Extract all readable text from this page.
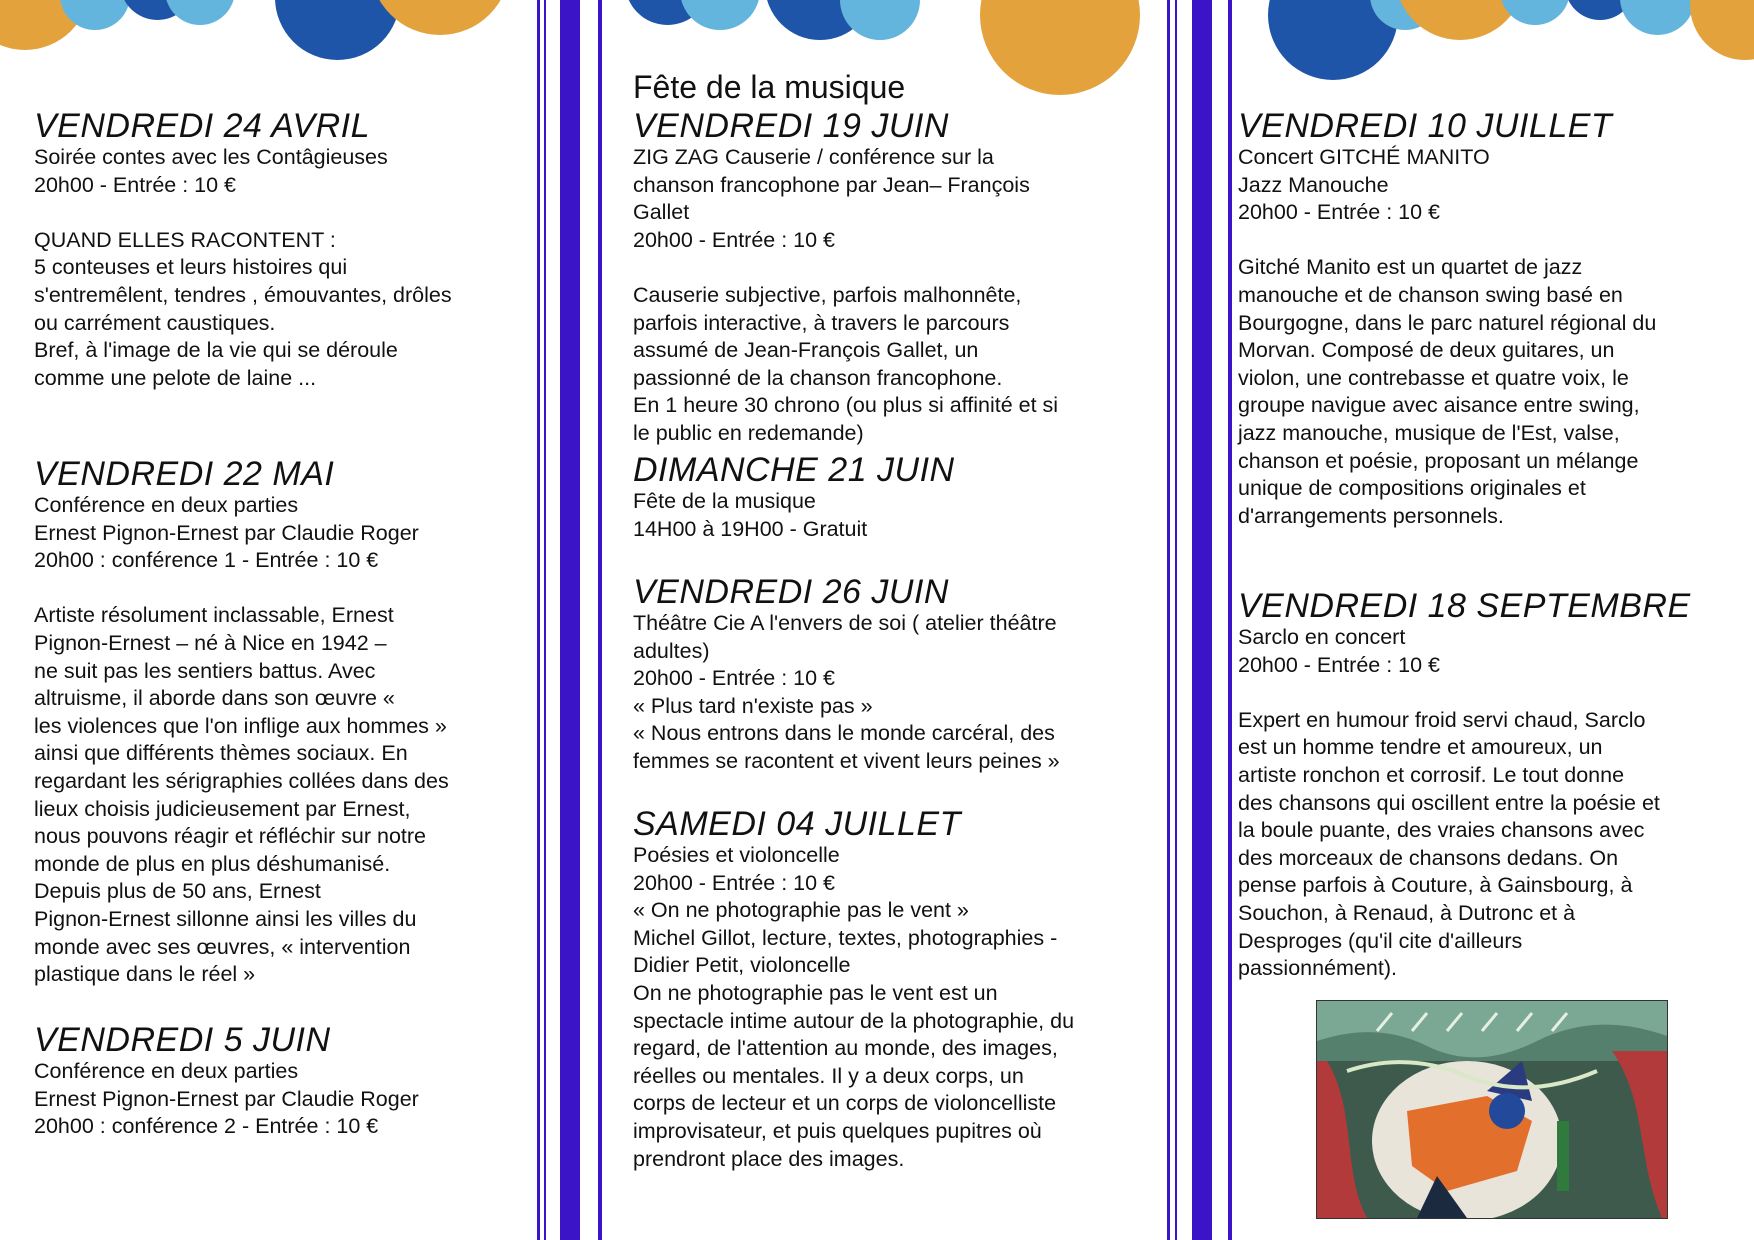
VENDREDI 24 AVRIL

Soirée contes avec les Contâgieuses
20h00 - Entrée : 10 €

QUAND ELLES RACONTENT :
5 conteuses et leurs histoires qui
s'entremêlent, tendres , émouvantes, drôles
ou carrément caustiques.
Bref, à l'image de la vie qui se déroule
comme une pelote de laine ...

VENDREDI 22 MAI

Conférence en deux parties
Ernest Pignon-Ernest par Claudie Roger
20h00 : conférence 1 - Entrée : 10 €

Artiste résolument inclassable, Ernest
Pignon-Ernest – né à Nice en 1942 –
ne suit pas les sentiers battus. Avec
altruisme, il aborde dans son œuvre «
les violences que l'on inflige aux hommes »
ainsi que différents thèmes sociaux. En
regardant les sérigraphies collées dans des
lieux choisis judicieusement par Ernest,
nous pouvons réagir et réfléchir sur notre
monde de plus en plus déshumanisé.
Depuis plus de 50 ans, Ernest
Pignon-Ernest sillonne ainsi les villes du
monde avec ses œuvres, « intervention
plastique dans le réel »

VENDREDI 5 JUIN

Conférence en deux parties
Ernest Pignon-Ernest par Claudie Roger
20h00 : conférence 2 - Entrée : 10 €

Fête de la musique

VENDREDI 19 JUIN

ZIG ZAG Causerie / conférence sur la
chanson francophone par Jean– François
Gallet
20h00 - Entrée : 10 €

Causerie subjective, parfois malhonnête,
parfois interactive, à travers le parcours
assumé de Jean-François Gallet, un
passionné de la chanson francophone.
En 1 heure 30 chrono (ou plus si affinité et si
le public en redemande)

DIMANCHE 21 JUIN

Fête de la musique
14H00 à 19H00 - Gratuit

VENDREDI 26 JUIN

Théâtre Cie A l'envers de soi ( atelier théâtre
adultes)
20h00 - Entrée : 10 €
« Plus tard n'existe pas »
« Nous entrons dans le monde carcéral, des
femmes se racontent et vivent leurs peines »

SAMEDI 04 JUILLET

Poésies et violoncelle
20h00 - Entrée : 10 €
« On ne photographie pas le vent »
Michel Gillot, lecture, textes, photographies -
Didier Petit, violoncelle
On ne photographie pas le vent est un
spectacle intime autour de la photographie, du
regard, de l'attention au monde, des images,
réelles ou mentales. Il y a deux corps, un
corps de lecteur et un corps de violoncelliste
improvisateur, et puis quelques pupitres où
prendront place des images.

VENDREDI 10 JUILLET

Concert GITCHÉ MANITO
Jazz Manouche
20h00 - Entrée : 10 €

Gitché Manito est un quartet de jazz
manouche et de chanson swing basé en
Bourgogne, dans le parc naturel régional du
Morvan. Composé de deux guitares, un
violon, une contrebasse et quatre voix, le
groupe navigue avec aisance entre swing,
jazz manouche, musique de l'Est, valse,
chanson et poésie, proposant un mélange
unique de compositions originales et
d'arrangements personnels.

VENDREDI 18 SEPTEMBRE

Sarclo en concert
20h00 - Entrée : 10 €

Expert en humour froid servi chaud, Sarclo
est un homme tendre et amoureux, un
artiste ronchon et corrosif. Le tout donne
des chansons qui oscillent entre la poésie et
la boule puante, des vraies chansons avec
des morceaux de chansons dedans. On
pense parfois à Couture, à Gainsbourg, à
Souchon, à Renaud, à Dutronc et à
Desproges (qu'il cite d'ailleurs
passionnément).
